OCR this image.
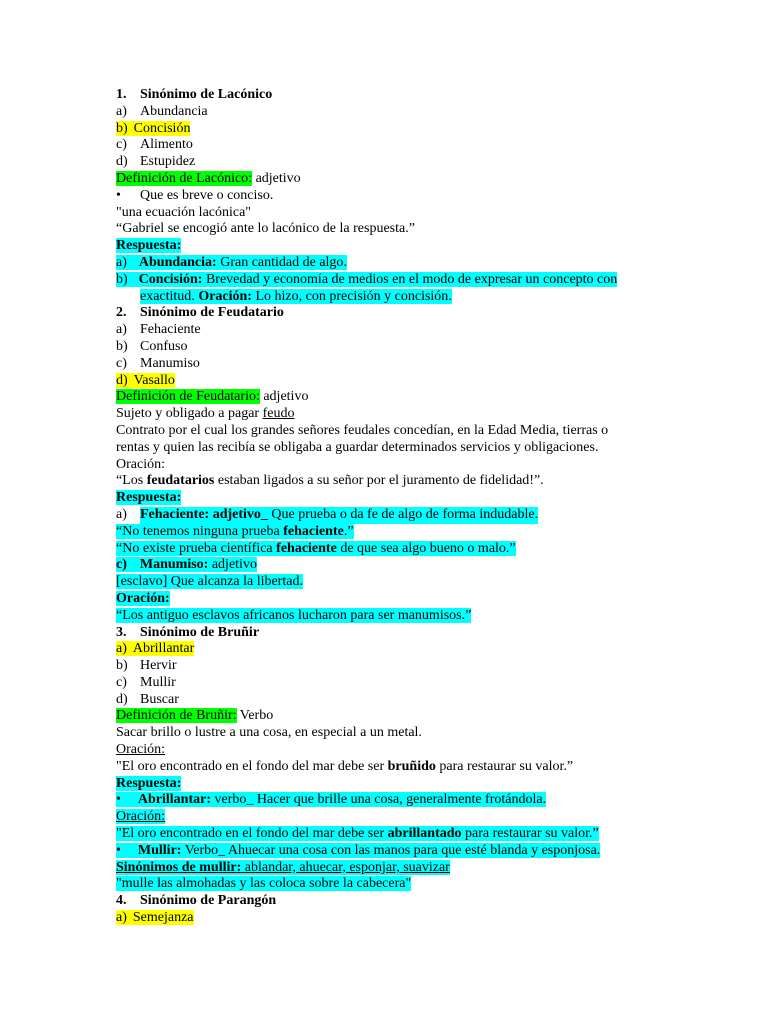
1. Sinónimo de Lacónico
a) Abundancia
b) Concisión
c) Alimento
d) Estupidez
Definición de Lacónico: adjetivo
• Que es breve o conciso.
"una ecuación lacónica"
“Gabriel se encogió ante lo lacónico de la respuesta.”
Respuesta:
a) Abundancia: Gran cantidad de algo.
b) Concisión: Brevedad y economía de medios en el modo de expresar un concepto con
exactitud. Oración: Lo hizo, con precisión y concisión.
2. Sinónimo de Feudatario
a) Fehaciente
b) Confuso
c) Manumiso
d) Vasallo
Definición de Feudatario: adjetivo
Sujeto y obligado a pagar feudo
Contrato por el cual los grandes señores feudales concedían, en la Edad Media, tierras o
rentas y quien las recibía se obligaba a guardar determinados servicios y obligaciones.
Oración:
“Los feudatarios estaban ligados a su señor por el juramento de fidelidad!”.
Respuesta:
a) Fehaciente: adjetivo_ Que prueba o da fe de algo de forma indudable.
“No tenemos ninguna prueba fehaciente.”
“No existe prueba científica fehaciente de que sea algo bueno o malo.”
c) Manumiso: adjetivo
[esclavo] Que alcanza la libertad.
Oración:
“Los antiguo esclavos africanos lucharon para ser manumisos.”
3. Sinónimo de Bruñir
a) Abrillantar
b) Hervir
c) Mullir
d) Buscar
Definición de Bruñir: Verbo
Sacar brillo o lustre a una cosa, en especial a un metal.
Oración:
"El oro encontrado en el fondo del mar debe ser bruñido para restaurar su valor.”
Respuesta:
• Abrillantar: verbo_ Hacer que brille una cosa, generalmente frotándola.
Oración:
"El oro encontrado en el fondo del mar debe ser abrillantado para restaurar su valor.”
• Mullir: Verbo_ Ahuecar una cosa con las manos para que esté blanda y esponjosa.
Sinónimos de mullir: ablandar, ahuecar, esponjar, suavizar
"mulle las almohadas y las coloca sobre la cabecera"
4. Sinónimo de Parangón
a) Semejanza
